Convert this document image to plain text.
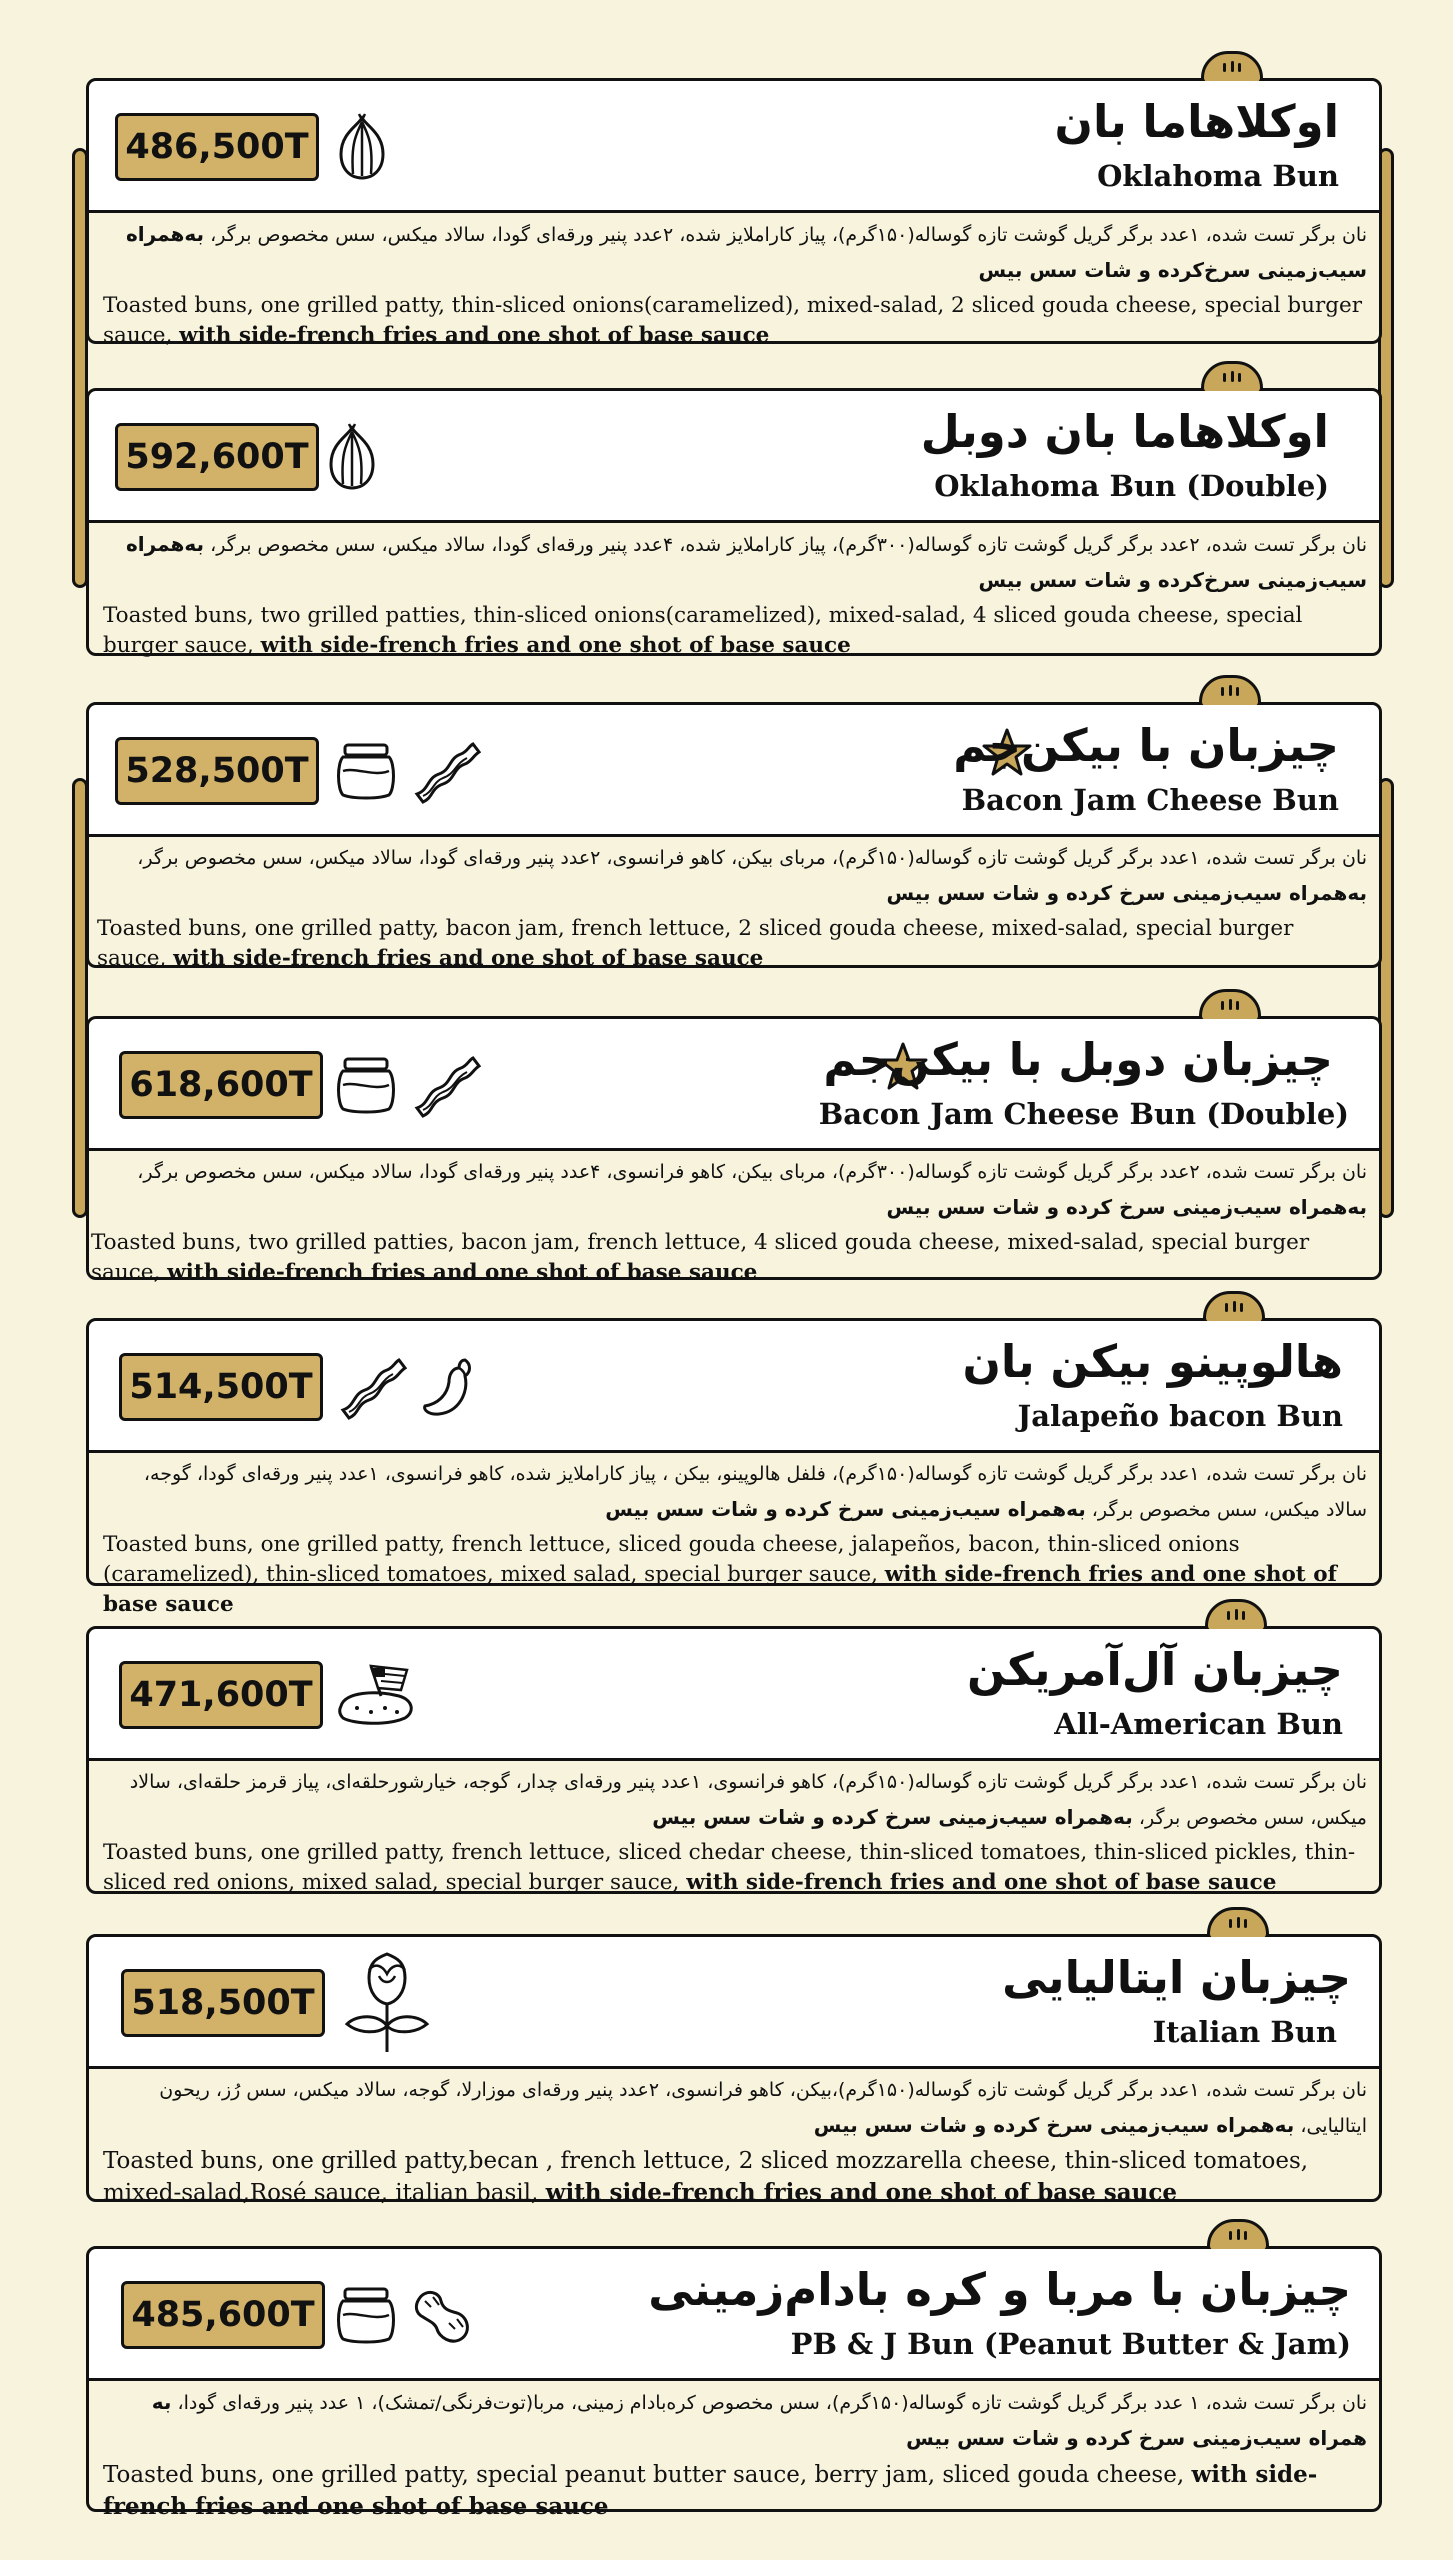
486,500T	اوکلاهاما بان
Oklahoma Bun
نان برگر تست شده، ۱عدد برگر گریل گوشت تازه گوساله(۱۵۰گرم)، پیاز کاراملایز شده، ۲عدد پنیر ورقه‌ای گودا، سالاد میکس، سس مخصوص برگر، به‌همراه سیب‌زمینی سرخ‌کرده و شات سس بیس
Toasted buns, one grilled patty, thin-sliced onions(caramelized), mixed-salad, 2 sliced gouda cheese, special burger sauce, with side-french fries and one shot of base sauce
592,600T	اوکلاهاما بان دوبل
Oklahoma Bun (Double)
نان برگر تست شده، ۲عدد برگر گریل گوشت تازه گوساله(۳۰۰گرم)، پیاز کاراملایز شده، ۴عدد پنیر ورقه‌ای گودا، سالاد میکس، سس مخصوص برگر، به‌همراه سیب‌زمینی سرخ‌کرده و شات سس بیس
Toasted buns, two grilled patties, thin-sliced onions(caramelized), mixed-salad, 4 sliced gouda cheese, special burger sauce, with side-french fries and one shot of base sauce
528,500T	چیزبان با بیکن‌جم
Bacon Jam Cheese Bun
نان برگر تست شده، ۱عدد برگر گریل گوشت تازه گوساله(۱۵۰گرم)، مربای بیکن، کاهو فرانسوی، ۲عدد پنیر ورقه‌ای گودا، سالاد میکس، سس مخصوص برگر، به‌همراه سیب‌زمینی سرخ کرده و شات سس بیس
Toasted buns, one grilled patty, bacon jam, french lettuce, 2 sliced gouda cheese, mixed-salad, special burger sauce, with side-french fries and one shot of base sauce
618,600T	چیزبان دوبل با بیکن‌جم
Bacon Jam Cheese Bun (Double)
نان برگر تست شده، ۲عدد برگر گریل گوشت تازه گوساله(۳۰۰گرم)، مربای بیکن، کاهو فرانسوی، ۴عدد پنیر ورقه‌ای گودا، سالاد میکس، سس مخصوص برگر، به‌همراه سیب‌زمینی سرخ کرده و شات سس بیس
Toasted buns, two grilled patties, bacon jam, french lettuce, 4 sliced gouda cheese, mixed-salad, special burger sauce, with side-french fries and one shot of base sauce
514,500T	هالوپینو بیکن بان
Jalapeño bacon Bun
نان برگر تست شده، ۱عدد برگر گریل گوشت تازه گوساله(۱۵۰گرم)، فلفل هالوپینو، بیکن ، پیاز کاراملایز شده، کاهو فرانسوی، ۱عدد پنیر ورقه‌ای گودا، گوجه، سالاد میکس، سس مخصوص برگر، به‌همراه سیب‌زمینی سرخ کرده و شات سس بیس
Toasted buns, one grilled patty, french lettuce, sliced gouda cheese, jalapeños, bacon, thin-sliced onions (caramelized), thin-sliced tomatoes, mixed salad, special burger sauce, with side-french fries and one shot of base sauce
471,600T	چیزبان آل‌آمریکن
All-American Bun
نان برگر تست شده، ۱عدد برگر گریل گوشت تازه گوساله(۱۵۰گرم)، کاهو فرانسوی، ۱عدد پنیر ورقه‌ای چدار، گوجه، خیارشورحلقه‌ای، پیاز قرمز حلقه‌ای، سالاد میکس، سس مخصوص برگر، به‌همراه سیب‌زمینی سرخ کرده و شات سس بیس
Toasted buns, one grilled patty, french lettuce, sliced chedar cheese, thin-sliced tomatoes, thin-sliced pickles, thin-sliced red onions, mixed salad, special burger sauce, with side-french fries and one shot of base sauce
518,500T	چیزبان ایتالیایی
Italian Bun
نان برگر تست شده، ۱عدد برگر گریل گوشت تازه گوساله(۱۵۰گرم)،بیکن، کاهو فرانسوی، ۲عدد پنیر ورقه‌ای موزارلا، گوجه، سالاد میکس، سس رُز، ریحون ایتالیایی، به‌همراه سیب‌زمینی سرخ کرده و شات سس بیس
Toasted buns, one grilled patty,becan , french lettuce, 2 sliced mozzarella cheese, thin-sliced tomatoes, mixed-salad,Rosé sauce, italian basil, with side-french fries and one shot of base sauce
485,600T	چیزبان با مربا و کره بادام‌زمینی
PB & J Bun (Peanut Butter & Jam)
نان برگر تست شده، ۱ عدد برگر گریل گوشت تازه گوساله(۱۵۰گرم)، سس مخصوص کره‌بادام زمینی، مربا(توت‌فرنگی/تمشک)، ۱ عدد پنیر ورقه‌ای گودا، به همراه سیب‌زمینی سرخ کرده و شات سس بیس
Toasted buns, one grilled patty, special peanut butter sauce, berry jam, sliced gouda cheese, with side-french fries and one shot of base sauce
